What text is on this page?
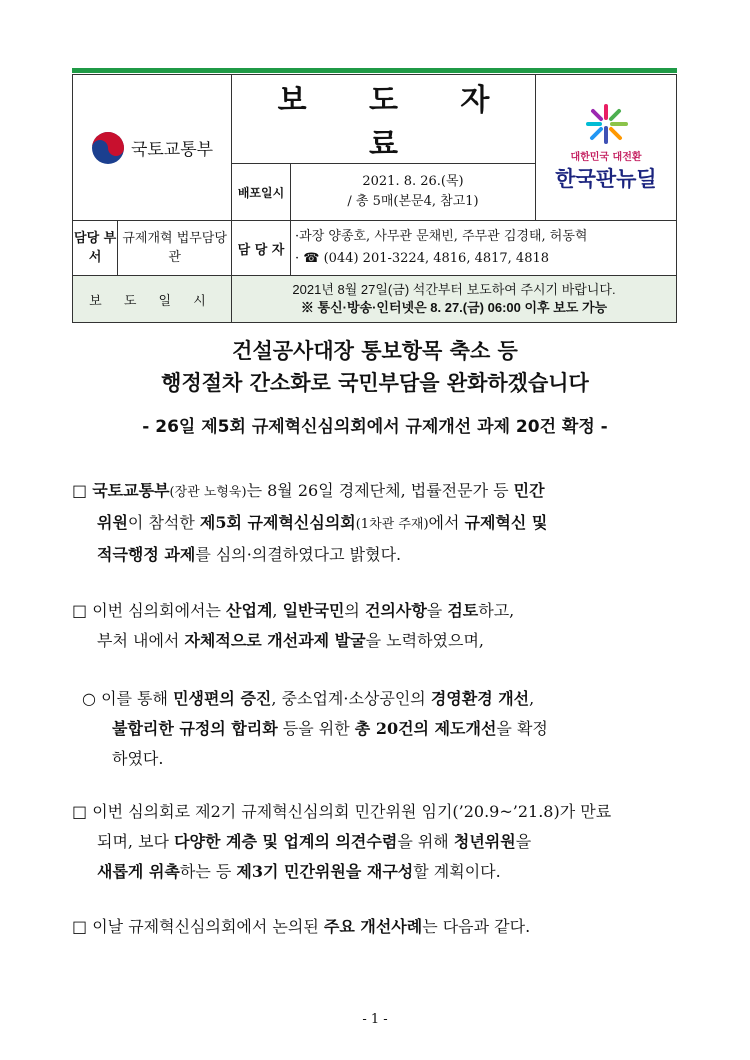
국토교통부		보 도 자 료		대한민국 대전환
한국판뉴딜

		배포일시	2021. 8. 26.(목)
/ 총 5매(본문4, 참고1)	

담당 부서	규제개혁 법무담당관	담 당 자	·과장 양종호, 사무관 문채빈, 주무관 김경태, 허동혁
· ☎ (044) 201-3224, 4816, 4817, 4818	

보 도 일 시		2021년 8월 27일(금) 석간부터 보도하여 주시기 바랍니다.
※ 통신·방송·인터넷은 8. 27.(금) 06:00 이후 보도 가능		
건설공사대장 통보항목 축소 등
행정절차 간소화로 국민부담을 완화하겠습니다
- 26일 제5회 규제혁신심의회에서 규제개선 과제 20건 확정 -
□ 국토교통부(장관 노형욱)는 8월 26일 경제단체, 법률전문가 등 민간
위원이 참석한 제5회 규제혁신심의회(1차관 주재)에서 규제혁신 및
적극행정 과제를 심의·의결하였다고 밝혔다.
□ 이번 심의회에서는 산업계, 일반국민의 건의사항을 검토하고,
부처 내에서 자체적으로 개선과제 발굴을 노력하였으며,
○ 이를 통해 민생편의 증진, 중소업계·소상공인의 경영환경 개선,
불합리한 규정의 합리화 등을 위한 총 20건의 제도개선을 확정
하였다.
□ 이번 심의회로 제2기 규제혁신심의회 민간위원 임기(’20.9~’21.8)가 만료
되며, 보다 다양한 계층 및 업계의 의견수렴을 위해 청년위원을
새롭게 위촉하는 등 제3기 민간위원을 재구성할 계획이다.
□ 이날 규제혁신심의회에서 논의된 주요 개선사례는 다음과 같다.
- 1 -
